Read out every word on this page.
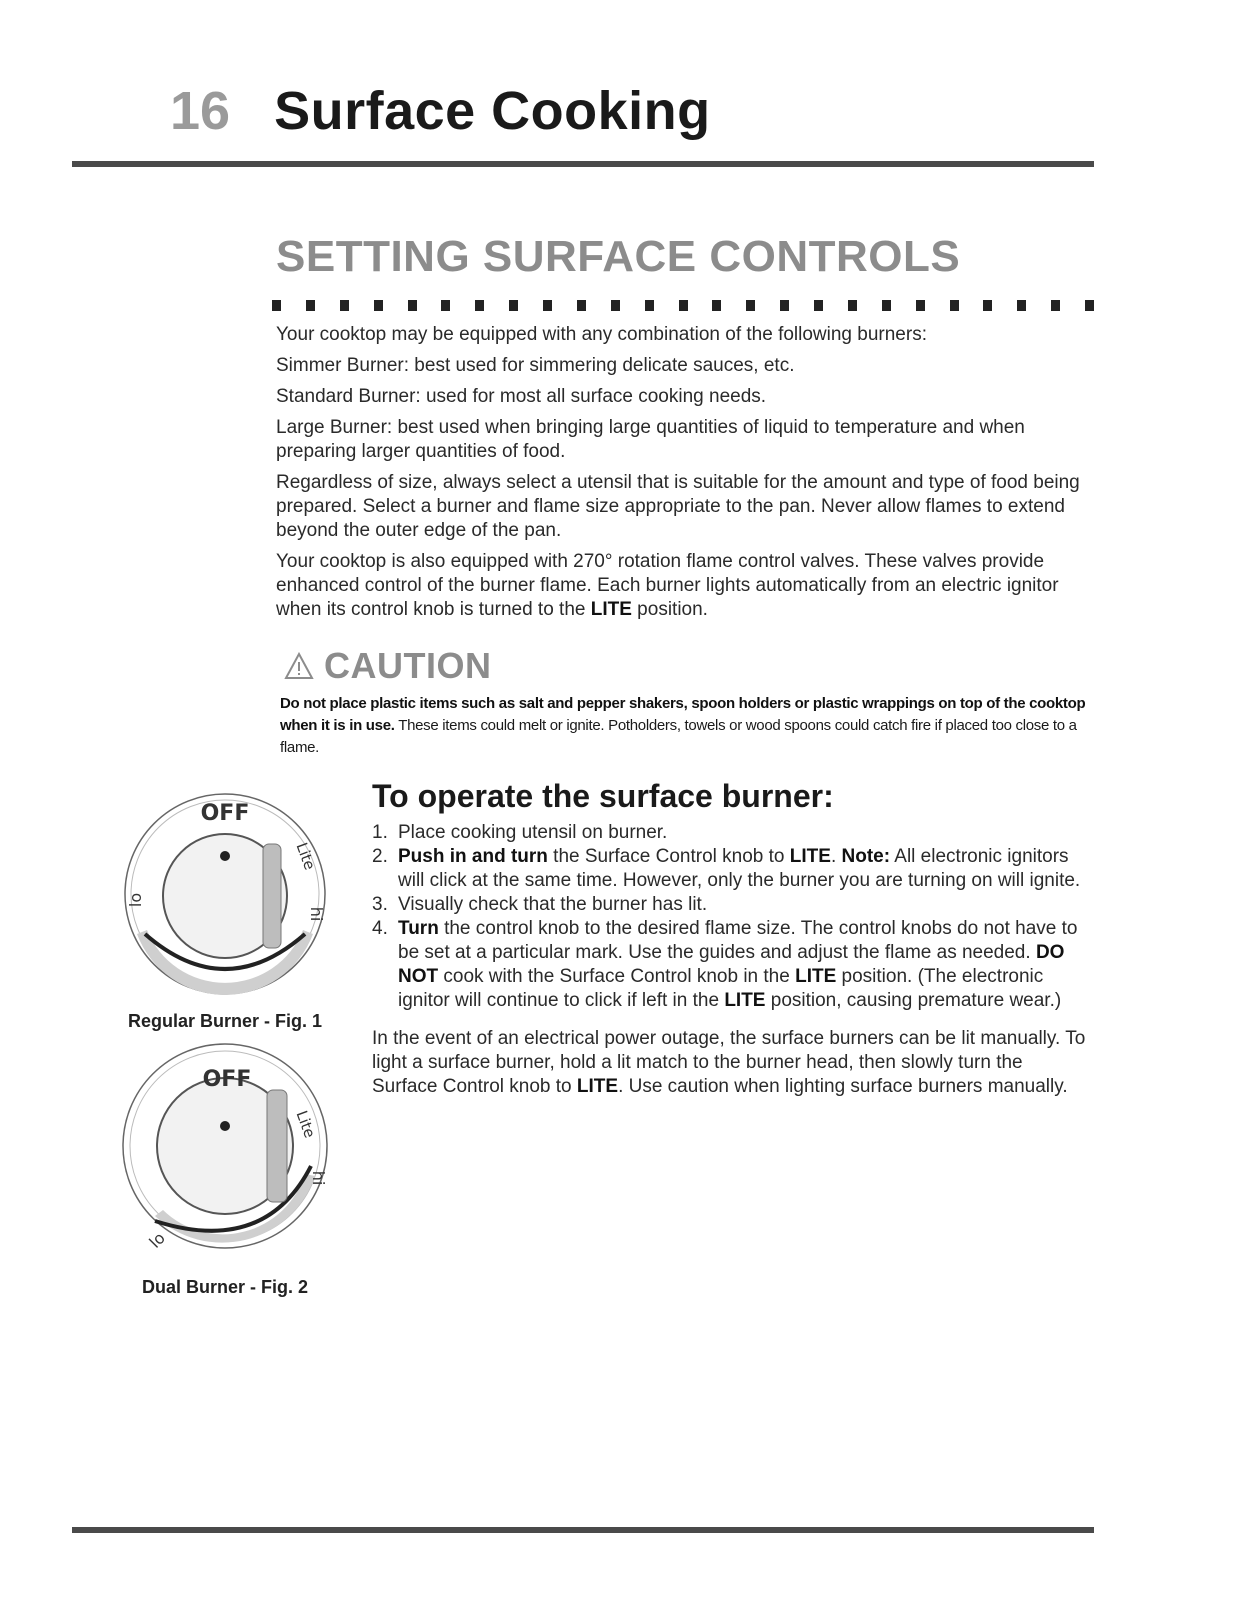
16 Surface Cooking
SETTING SURFACE CONTROLS

Your cooktop may be equipped with any combination of the following burners:

Simmer Burner: best used for simmering delicate sauces, etc.

Standard Burner: used for most all surface cooking needs.

Large Burner: best used when bringing large quantities of liquid to temperature and when preparing larger quantities of food.

Regardless of size, always select a utensil that is suitable for the amount and type of food being prepared. Select a burner and flame size appropriate to the pan. Never allow flames to extend beyond the outer edge of the pan.

Your cooktop is also equipped with 270° rotation flame control valves. These valves provide enhanced control of the burner flame. Each burner lights automatically from an electric ignitor when its control knob is turned to the LITE position.

CAUTION
Do not place plastic items such as salt and pepper shakers, spoon holders or plastic wrappings on top of the cooktop when it is in use. These items could melt or ignite. Potholders, towels or wood spoons could catch fire if placed too close to a flame.
OFF
Lite
hi
lo
Regular Burner - Fig. 1
OFF
Lite
hi
lo
Dual Burner - Fig. 2
To operate the surface burner:
1. Place cooking utensil on burner.
2. Push in and turn the Surface Control knob to LITE. Note: All electronic ignitors will click at the same time. However, only the burner you are turning on will ignite.
3. Visually check that the burner has lit.
4. Turn the control knob to the desired flame size. The control knobs do not have to be set at a particular mark. Use the guides and adjust the flame as needed. DO NOT cook with the Surface Control knob in the LITE position. (The electronic ignitor will continue to click if left in the LITE position, causing premature wear.)
In the event of an electrical power outage, the surface burners can be lit manually. To light a surface burner, hold a lit match to the burner head, then slowly turn the Surface Control knob to LITE. Use caution when lighting surface burners manually.
